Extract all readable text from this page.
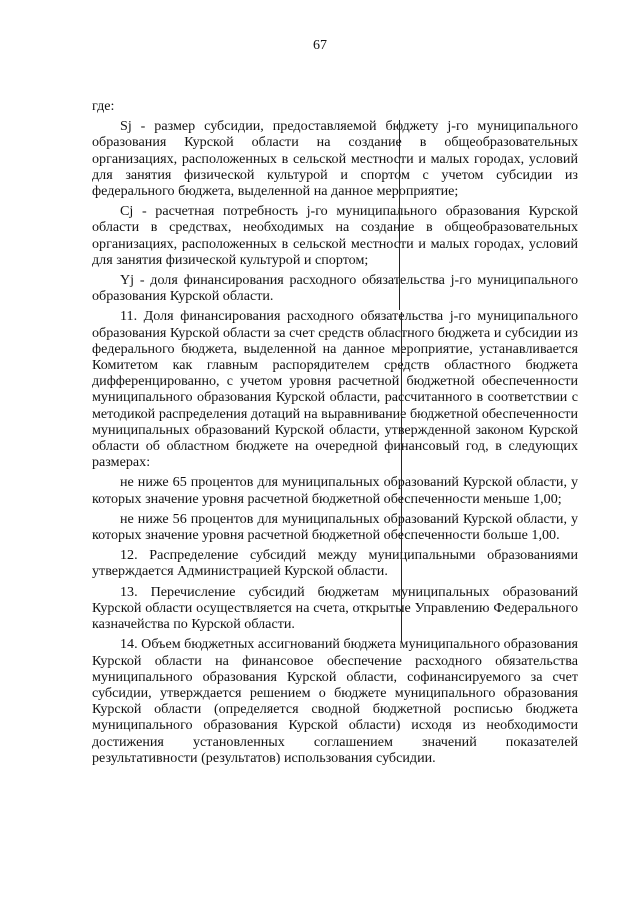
67

где:

Sj - размер субсидии, предоставляемой бюджету j-го муниципального образования Курской области на создание в общеобразовательных организациях, расположенных в сельской местности и малых городах, условий для занятия физической культурой и спортом с учетом субсидии из федерального бюджета, выделенной на данное мероприятие;

Cj - расчетная потребность j-го муниципального образования Курской области в средствах, необходимых на создание в общеобразовательных организациях, расположенных в сельской местности и малых городах, условий для занятия физической культурой и спортом;

Yj - доля финансирования расходного обязательства j-го муниципального образования Курской области.

11. Доля финансирования расходного обязательства j-го муниципального образования Курской области за счет средств областного бюджета и субсидии из федерального бюджета, выделенной на данное мероприятие, устанавливается Комитетом как главным распорядителем средств областного бюджета дифференцированно, с учетом уровня расчетной бюджетной обеспеченности муниципального образования Курской области, рассчитанного в соответствии с методикой распределения дотаций на выравнивание бюджетной обеспеченности муниципальных образований Курской области, утвержденной законом Курской области об областном бюджете на очередной финансовый год, в следующих размерах:

не ниже 65 процентов для муниципальных образований Курской области, у которых значение уровня расчетной бюджетной обеспеченности меньше 1,00;

не ниже 56 процентов для муниципальных образований Курской области, у которых значение уровня расчетной бюджетной обеспеченности больше 1,00.

12. Распределение субсидий между муниципальными образованиями утверждается Администрацией Курской области.

13. Перечисление субсидий бюджетам муниципальных образований Курской области осуществляется на счета, открытые Управлению Федерального казначейства по Курской области.

14. Объем бюджетных ассигнований бюджета муниципального образования Курской области на финансовое обеспечение расходного обязательства муниципального образования Курской области, софинансируемого за счет субсидии, утверждается решением о бюджете муниципального образования Курской области (определяется сводной бюджетной росписью бюджета муниципального образования Курской области) исходя из необходимости достижения установленных соглашением значений показателей результативности (результатов) использования субсидии.
